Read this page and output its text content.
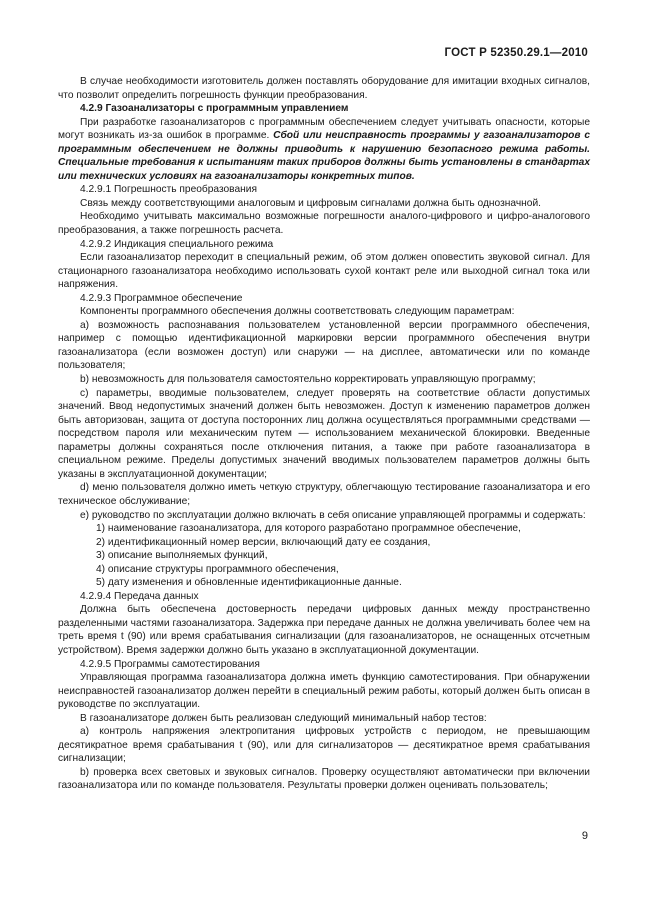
ГОСТ Р 52350.29.1—2010

В случае необходимости изготовитель должен поставлять оборудование для имитации входных сигналов, что позволит определить погрешность функции преобразования.

4.2.9 Газоанализаторы с программным управлением

При разработке газоанализаторов с программным обеспечением следует учитывать опасности, которые могут возникать из-за ошибок в программе. Сбой или неисправность программы у газоанализаторов с программным обеспечением не должны приводить к нарушению безопасного режима работы. Специальные требования к испытаниям таких приборов должны быть установлены в стандартах или технических условиях на газоанализаторы конкретных типов.

4.2.9.1 Погрешность преобразования

Связь между соответствующими аналоговым и цифровым сигналами должна быть однозначной.

Необходимо учитывать максимально возможные погрешности аналого-цифрового и цифро-аналогового преобразования, а также погрешность расчета.

4.2.9.2 Индикация специального режима

Если газоанализатор переходит в специальный режим, об этом должен оповестить звуковой сигнал. Для стационарного газоанализатора необходимо использовать сухой контакт реле или выходной сигнал тока или напряжения.

4.2.9.3 Программное обеспечение

Компоненты программного обеспечения должны соответствовать следующим параметрам:

a) возможность распознавания пользователем установленной версии программного обеспечения, например с помощью идентификационной маркировки версии программного обеспечения внутри газоанализатора (если возможен доступ) или снаружи — на дисплее, автоматически или по команде пользователя;

b) невозможность для пользователя самостоятельно корректировать управляющую программу;

c) параметры, вводимые пользователем, следует проверять на соответствие области допустимых значений. Ввод недопустимых значений должен быть невозможен. Доступ к изменению параметров должен быть авторизован, защита от доступа посторонних лиц должна осуществляться программными средствами — посредством пароля или механическим путем — использованием механической блокировки. Введенные параметры должны сохраняться после отключения питания, а также при работе газоанализатора в специальном режиме. Пределы допустимых значений вводимых пользователем параметров должны быть указаны в эксплуатационной документации;

d) меню пользователя должно иметь четкую структуру, облегчающую тестирование газоанализатора и его техническое обслуживание;

e) руководство по эксплуатации должно включать в себя описание управляющей программы и содержать:

1) наименование газоанализатора, для которого разработано программное обеспечение,

2) идентификационный номер версии, включающий дату ее создания,

3) описание выполняемых функций,

4) описание структуры программного обеспечения,

5) дату изменения и обновленные идентификационные данные.

4.2.9.4 Передача данных

Должна быть обеспечена достоверность передачи цифровых данных между пространственно разделенными частями газоанализатора. Задержка при передаче данных не должна увеличивать более чем на треть время t (90) или время срабатывания сигнализации (для газоанализаторов, не оснащенных отсчетным устройством). Время задержки должно быть указано в эксплуатационной документации.

4.2.9.5 Программы самотестирования

Управляющая программа газоанализатора должна иметь функцию самотестирования. При обнаружении неисправностей газоанализатор должен перейти в специальный режим работы, который должен быть описан в руководстве по эксплуатации.

В газоанализаторе должен быть реализован следующий минимальный набор тестов:

a) контроль напряжения электропитания цифровых устройств с периодом, не превышающим десятикратное время срабатывания t (90), или для сигнализаторов — десятикратное время срабатывания сигнализации;

b) проверка всех световых и звуковых сигналов. Проверку осуществляют автоматически при включении газоанализатора или по команде пользователя. Результаты проверки должен оценивать пользователь;

9
